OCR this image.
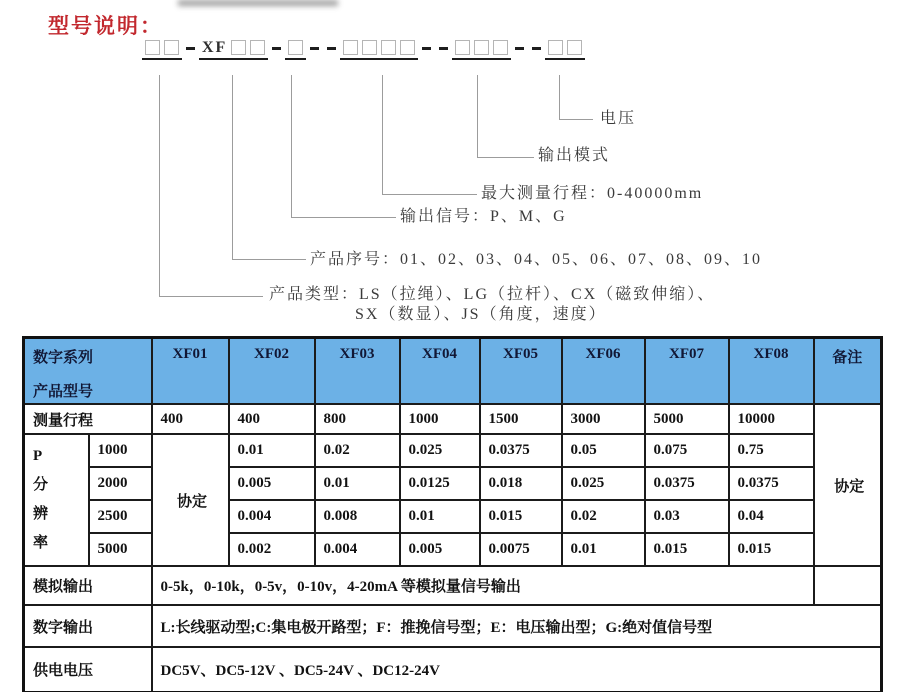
型号说明：
XF
电压
输出模式
最大测量行程：0-40000mm
输出信号：P、M、G
产品序号：01、02、03、04、05、06、07、08、09、10
产品类型：LS（拉绳）、LG（拉杆）、CX（磁致伸缩）、
SX（数显）、JS（角度，速度）
数字系列
产品型号		XF01	XF02	XF03	XF04	XF05	XF06	XF07	XF08	备注
测量行程		400	400	800	1000	1500	3000	5000	10000	协定

P
分
辨
率	1000	协定	0.01	0.02	0.025	0.0375	0.05	0.075	0.75	
	2000		0.005	0.01	0.0125	0.018	0.025	0.0375	0.0375	
	2500		0.004	0.008	0.01	0.015	0.02	0.03	0.04	
	5000		0.002	0.004	0.005	0.0075	0.01	0.015	0.015	
模拟输出		0-5k，0-10k，0-5v，0-10v，4-20mA 等模拟量信号输出								
数字输出		L:长线驱动型;C:集电极开路型；F：推挽信号型；E：电压输出型；G:绝对值信号型								
供电电压		DC5V、DC5-12V 、DC5-24V 、DC12-24V								
